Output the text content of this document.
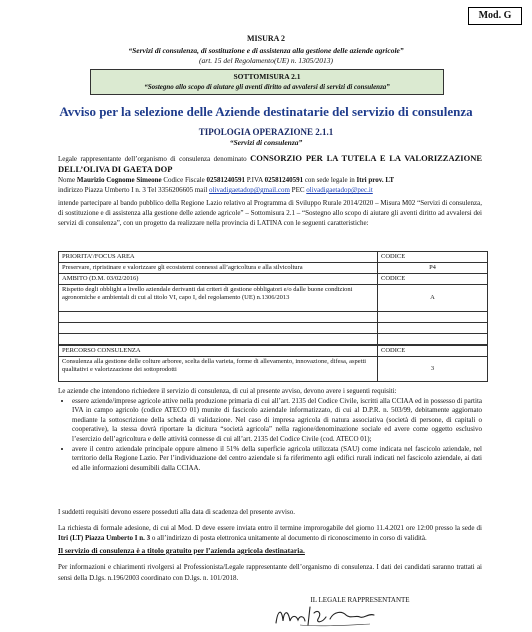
Mod. G
MISURA 2
“Servizi di consulenza, di sostituzione e di assistenza alla gestione delle aziende agricole”
(art. 15 del Regolamento(UE) n. 1305/2013)
SOTTOMISURA 2.1
“Sostegno allo scopo di aiutare gli aventi diritto ad avvalersi di servizi di consulenza”
Avviso per la selezione delle Aziende destinatarie del servizio di consulenza
TIPOLOGIA OPERAZIONE 2.1.1
“Servizi di consulenza”
Legale rappresentante dell’organismo di consulenza denominato CONSORZIO PER LA TUTELA E LA VALORIZZAZIONE DELL’OLIVA DI GAETA DOP
Nome Maurizio Cognome Simeone Codice Fiscale 02581240591 P.IVA 02581240591 con sede legale in Itri prov. LT
indirizzo Piazza Umberto I n. 3 Tel 3356206605 mail olivadigaetadop@gmail.com PEC olivadigaetadop@pec.it
intende partecipare al bando pubblico della Regione Lazio relativo al Programma di Sviluppo Rurale 2014/2020 – Misura M02 “Servizi di consulenza, di sostituzione e di assistenza alla gestione delle aziende agricole” – Sottomisura 2.1 – “Sostegno allo scopo di aiutare gli aventi diritto ad avvalersi dei servizi di consulenza”, con un progetto da realizzare nella provincia di LATINA con le seguenti caratteristiche:
PRIORITA’/FOCUS AREA	CODICE
Preservare, ripristinare e valorizzare gli ecosistemi connessi all’agricoltura e alla silvicoltura	P4
AMBITO (D.M. 03/02/2016)	CODICE
Rispetto degli obblighi a livello aziendale derivanti dai criteri di gestione obbligatori e/o dalle buone condizioni agronomiche e ambientali di cui al titolo VI, capo I, del regolamento (UE) n.1306/2013	A

PERCORSO CONSULENZA	CODICE
Consulenza alla gestione delle colture arboree, scelta della varieta, forme di allevamento, innovazione, difesa, aspetti qualitativi e valorizzazione dei sottoprodotti	3
Le aziende che intendono richiedere il servizio di consulenza, di cui al presente avviso, devono avere i seguenti requisiti:
• essere aziende/imprese agricole attive nella produzione primaria di cui all’art. 2135 del Codice Civile, iscritti alla CCIAA ed in possesso di partita IVA in campo agricolo (codice ATECO 01) munite di fascicolo aziendale informatizzato, di cui al D.P.R. n. 503/99, debitamente aggiornato mediante la sottoscrizione della scheda di validazione. Nel caso di impresa agricola di natura associativa (società di persone, di capitali o cooperative), la stessa dovrà riportare la dicitura “società agricola” nella ragione/denominazione sociale ed avere come oggetto esclusivo l’esercizio dell’agricoltura e delle attività connesse di cui all’art. 2135 del Codice Civile (cod. ATECO 01);
• avere il centro aziendale principale oppure almeno il 51% della superficie agricola utilizzata (SAU) come indicata nel fascicolo aziendale, nel territorio della Regione Lazio. Per l’individuazione del centro aziendale si fa riferimento agli edifici rurali indicati nel fascicolo aziendale, ai dati ed alle informazioni desumibili dalla CCIAA.
I suddetti requisiti devono essere posseduti alla data di scadenza del presente avviso.
La richiesta di formale adesione, di cui al Mod. D deve essere inviata entro il termine improrogabile del giorno 11.4.2021 ore 12:00 presso la sede di Itri (LT) Piazza Umberto I n. 3 o all’indirizzo di posta elettronica unitamente al documento di riconoscimento in corso di validità.
Il servizio di consulenza è a titolo gratuito per l’azienda agricola destinataria.
Per informazioni e chiarimenti rivolgersi al Professionista/Legale rappresentante dell’organismo di consulenza. I dati dei candidati saranno trattati ai sensi della D.lgs. n.196/2003 coordinato con D.lgs. n. 101/2018.
IL LEGALE RAPPRESENTANTE
